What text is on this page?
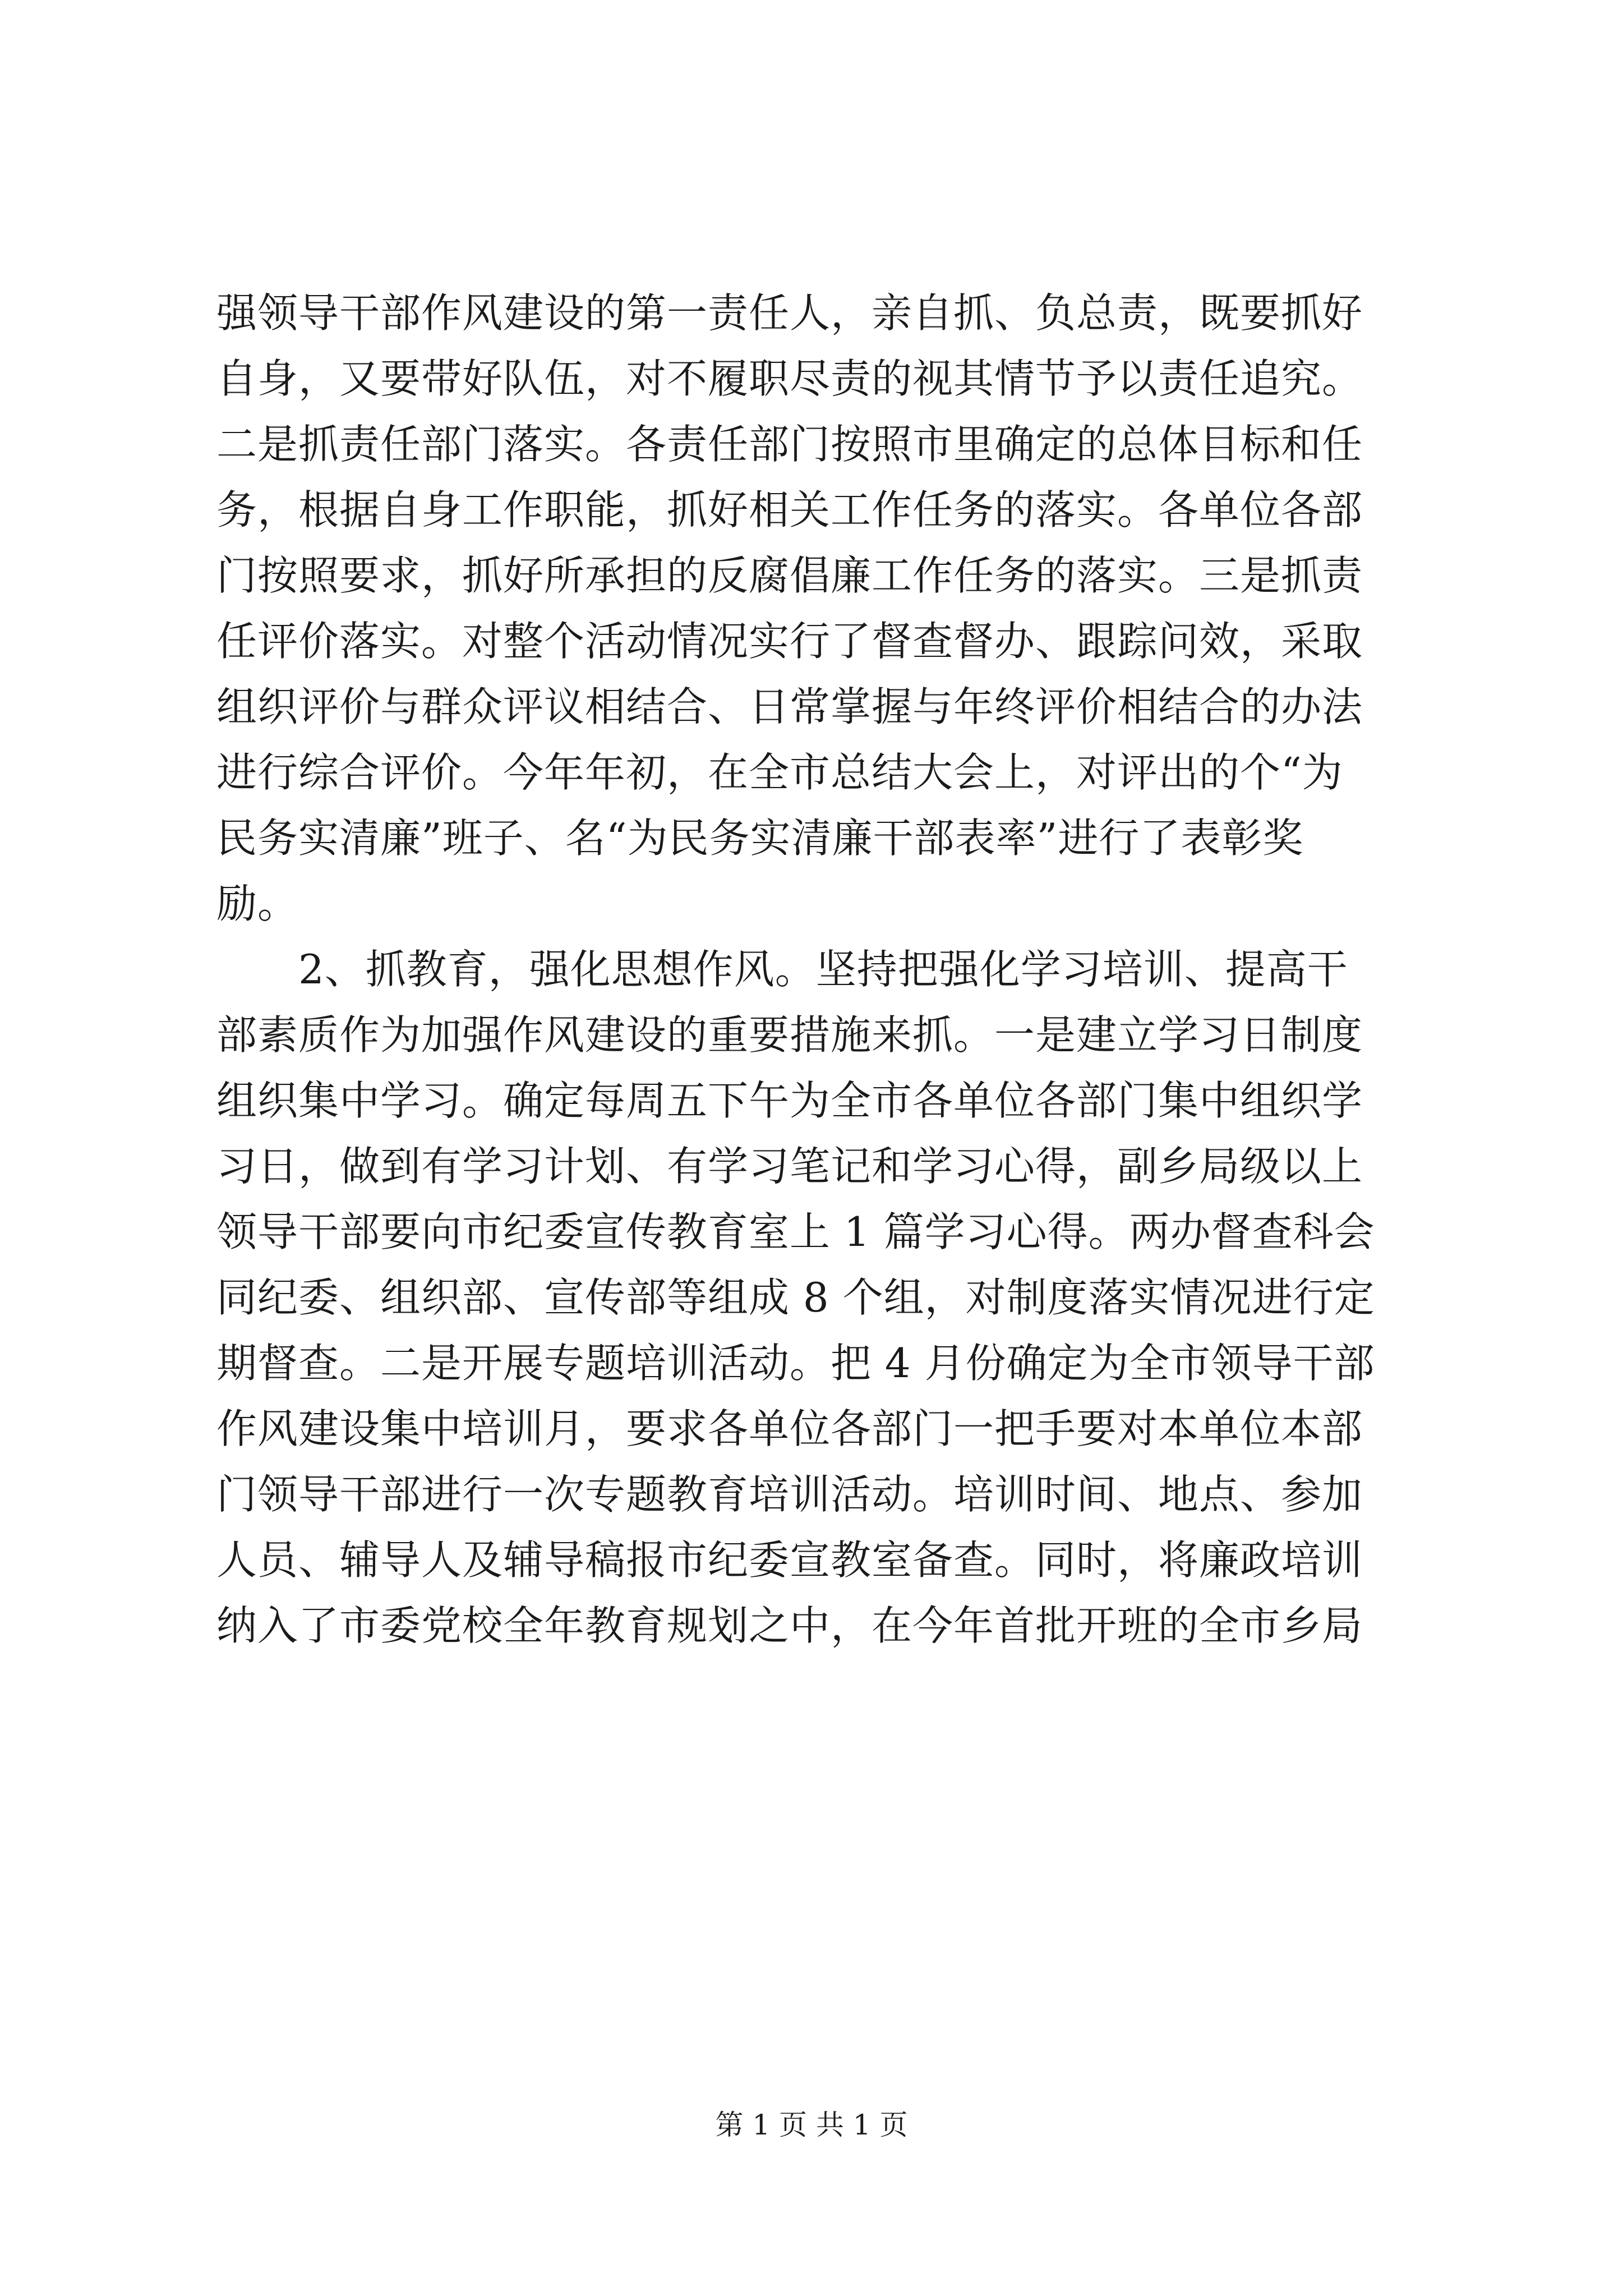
强领导干部作风建设的第一责任人，亲自抓、负总责，既要抓好
自身，又要带好队伍，对不履职尽责的视其情节予以责任追究。
二是抓责任部门落实。各责任部门按照市里确定的总体目标和任
务，根据自身工作职能，抓好相关工作任务的落实。各单位各部
门按照要求，抓好所承担的反腐倡廉工作任务的落实。三是抓责
任评价落实。对整个活动情况实行了督查督办、跟踪问效，采取
组织评价与群众评议相结合、日常掌握与年终评价相结合的办法
进行综合评价。今年年初，在全市总结大会上，对评出的个“为
民务实清廉”班子、名“为民务实清廉干部表率”进行了表彰奖
励。
　　2、抓教育，强化思想作风。坚持把强化学习培训、提高干
部素质作为加强作风建设的重要措施来抓。一是建立学习日制度
组织集中学习。确定每周五下午为全市各单位各部门集中组织学
习日，做到有学习计划、有学习笔记和学习心得，副乡局级以上
领导干部要向市纪委宣传教育室上 1 篇学习心得。两办督查科会
同纪委、组织部、宣传部等组成 8 个组，对制度落实情况进行定
期督查。二是开展专题培训活动。把 4 月份确定为全市领导干部
作风建设集中培训月，要求各单位各部门一把手要对本单位本部
门领导干部进行一次专题教育培训活动。培训时间、地点、参加
人员、辅导人及辅导稿报市纪委宣教室备查。同时，将廉政培训
纳入了市委党校全年教育规划之中，在今年首批开班的全市乡局
第 1 页 共 1 页
